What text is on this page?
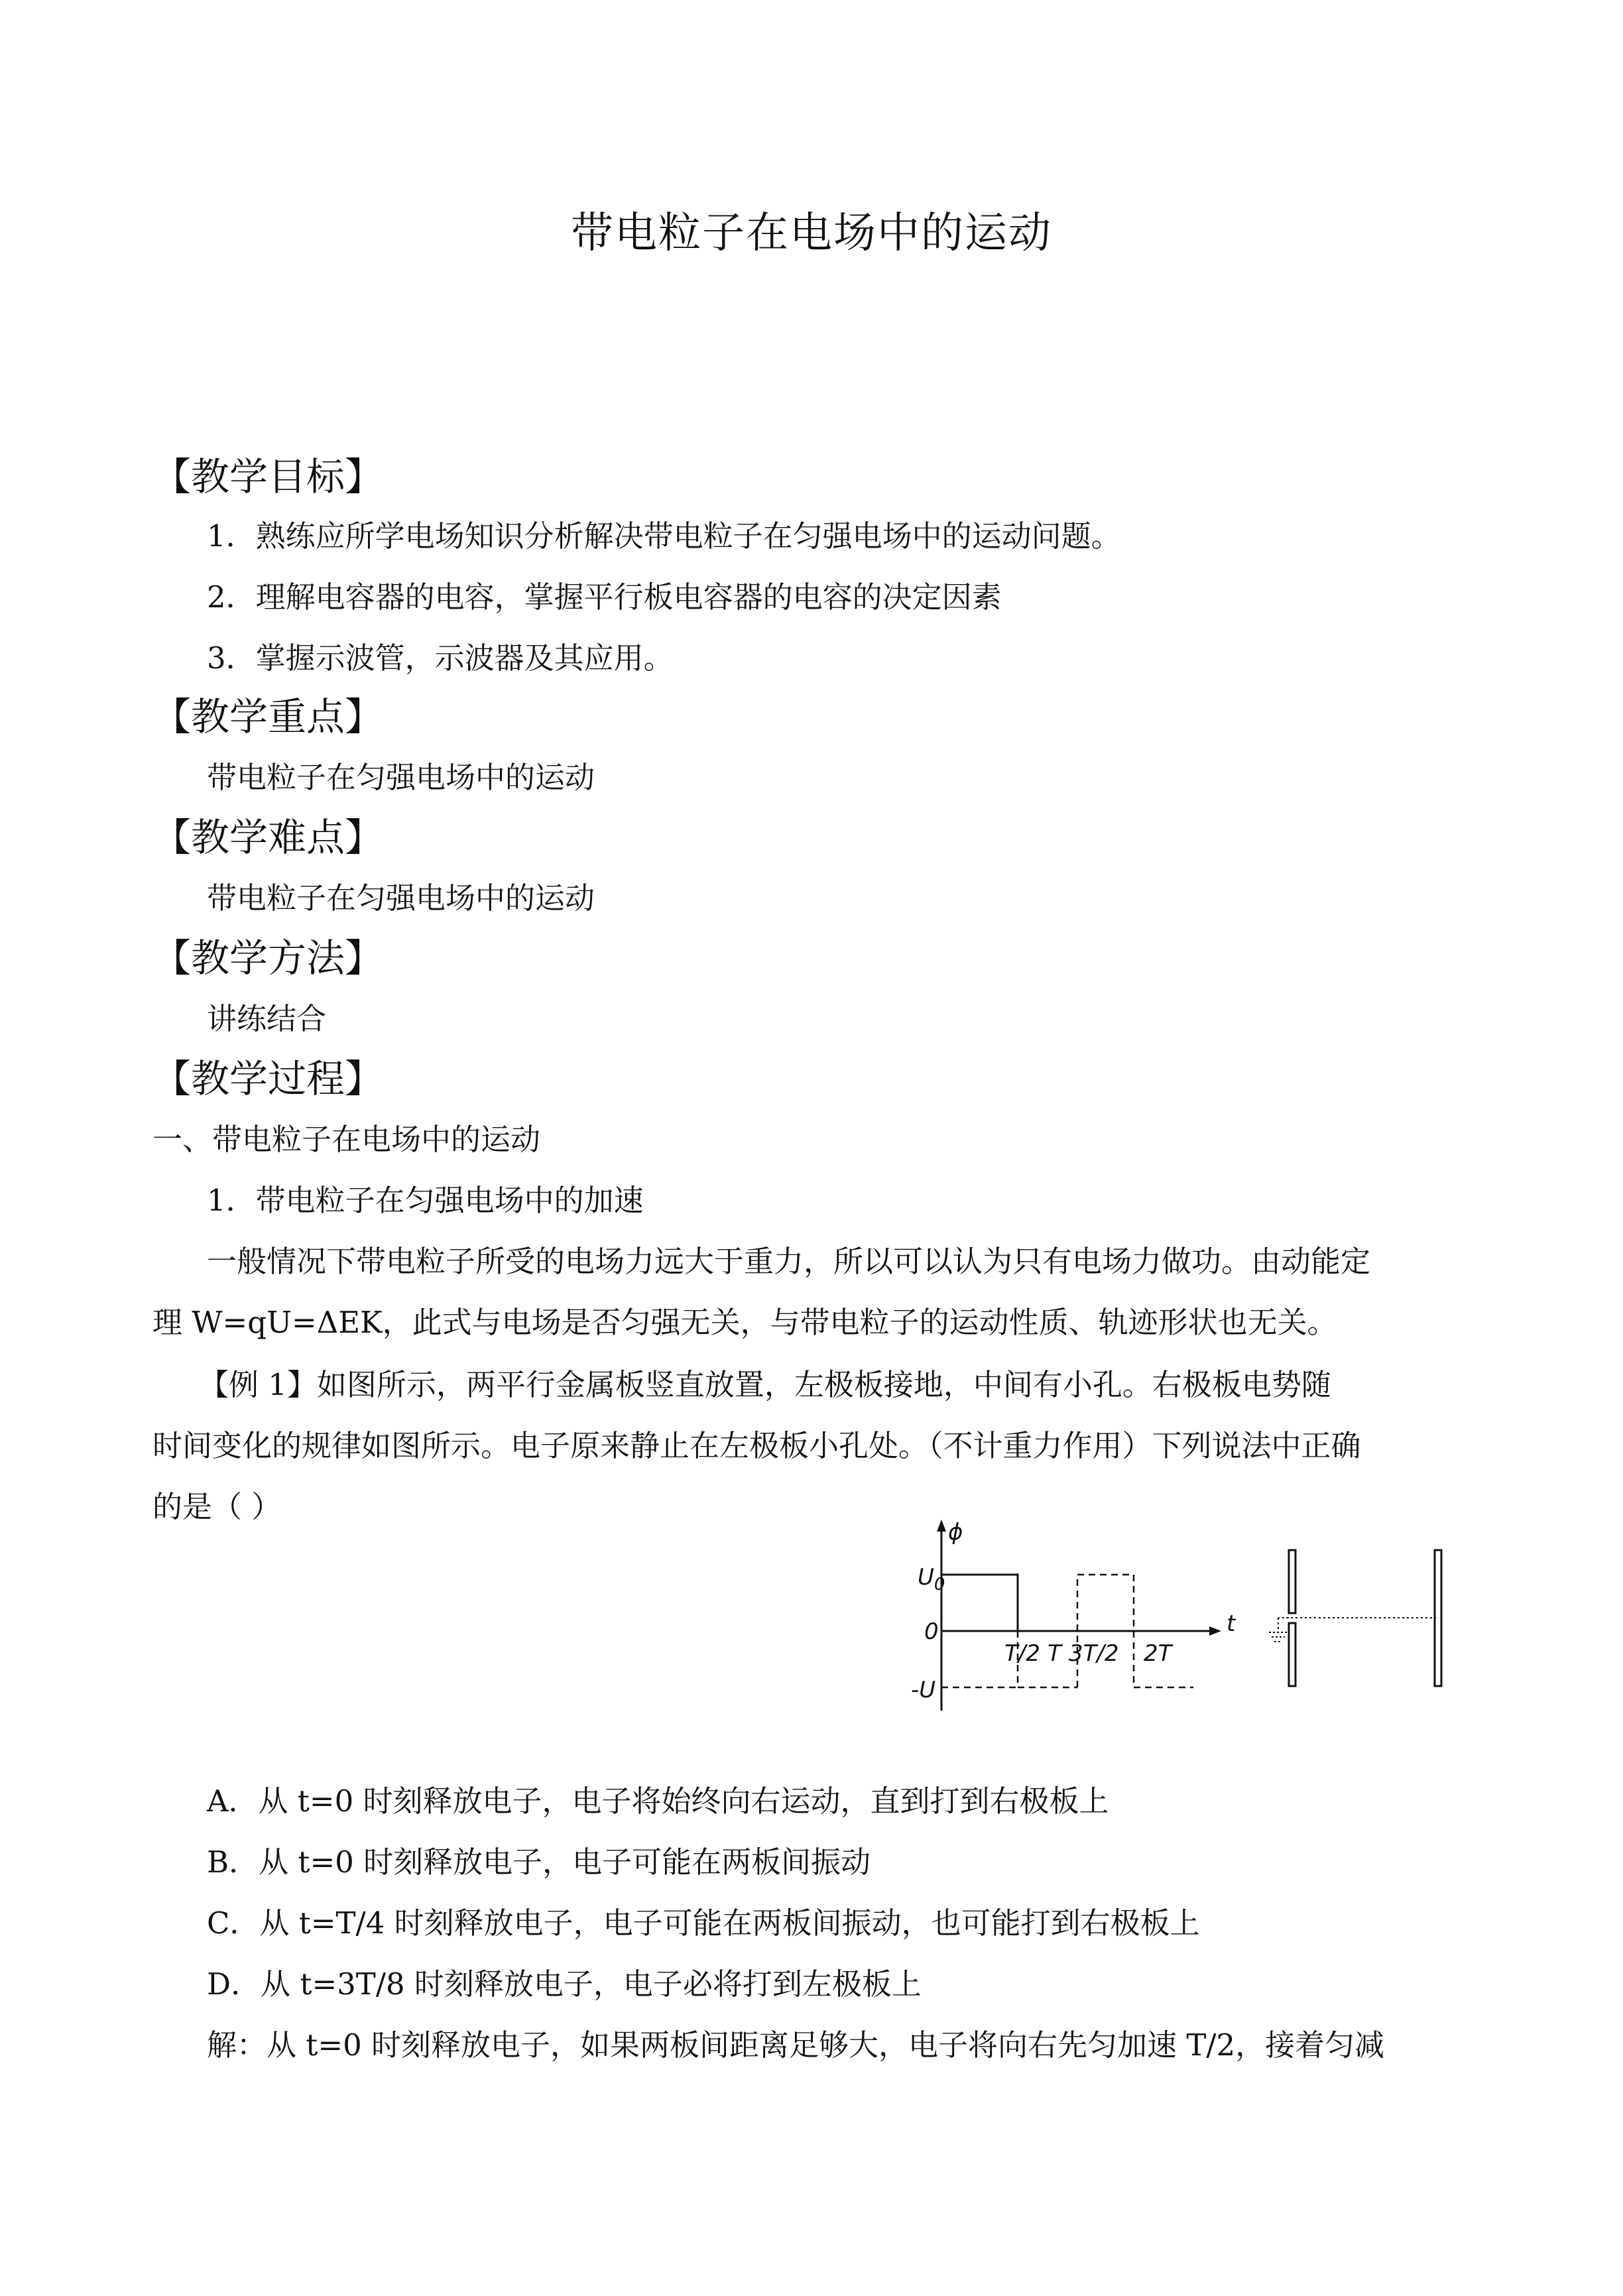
带电粒子在电场中的运动
【教学目标】
1．熟练应所学电场知识分析解决带电粒子在匀强电场中的运动问题。
2．理解电容器的电容，掌握平行板电容器的电容的决定因素
3．掌握示波管，示波器及其应用。
【教学重点】
带电粒子在匀强电场中的运动
【教学难点】
带电粒子在匀强电场中的运动
【教学方法】
讲练结合
【教学过程】
一、带电粒子在电场中的运动
1．带电粒子在匀强电场中的加速
一般情况下带电粒子所受的电场力远大于重力，所以可以认为只有电场力做功。由动能定
理 W=qU=ΔEK，此式与电场是否匀强无关，与带电粒子的运动性质、轨迹形状也无关。
【例 1】如图所示，两平行金属板竖直放置，左极板接地，中间有小孔。右极板电势随
时间变化的规律如图所示。电子原来静止在左极板小孔处。（不计重力作用）下列说法中正确
的是（ ）
ϕ
t
$U_0$
0
-U
T/2 T 3T/2 2T
A．从 t=0 时刻释放电子，电子将始终向右运动，直到打到右极板上
B．从 t=0 时刻释放电子，电子可能在两板间振动
C．从 t=T/4 时刻释放电子，电子可能在两板间振动，也可能打到右极板上
D．从 t=3T/8 时刻释放电子，电子必将打到左极板上
解：从 t=0 时刻释放电子，如果两板间距离足够大，电子将向右先匀加速 T/2，接着匀减
